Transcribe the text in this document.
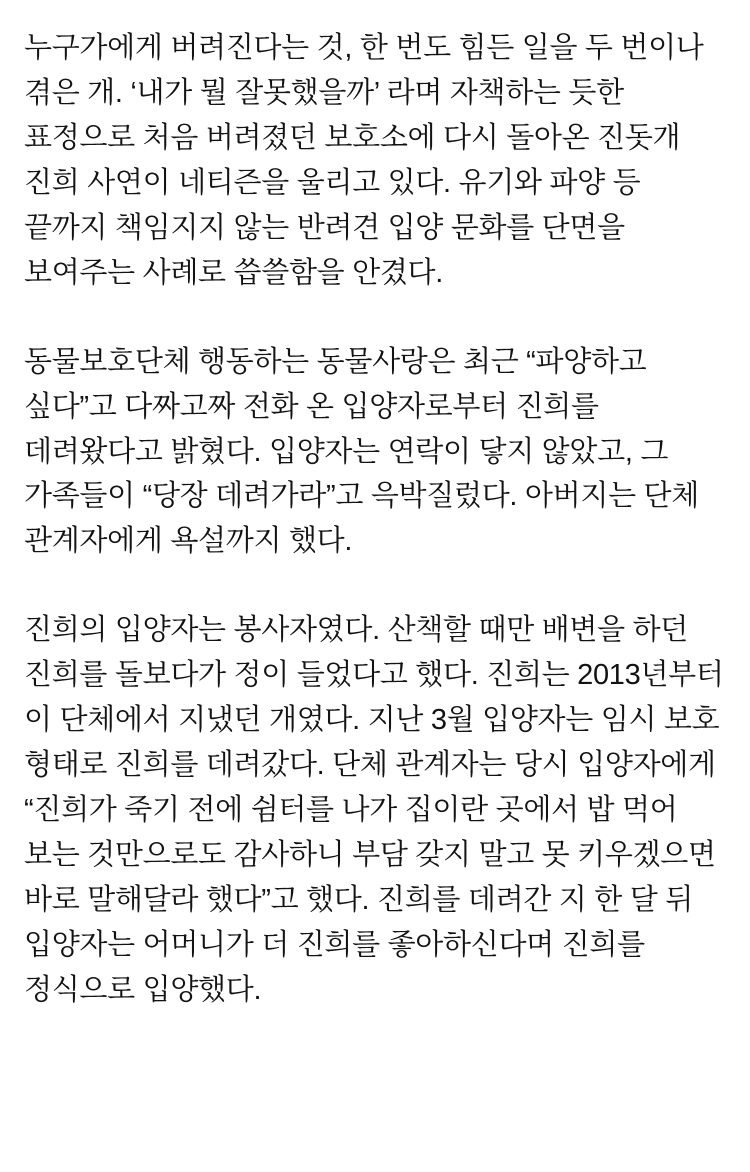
누구가에게 버려진다는 것, 한 번도 힘든 일을 두 번이나 겪은 개. ‘내가 뭘 잘못했을까’ 라며 자책하는 듯한 표정으로 처음 버려졌던 보호소에 다시 돌아온 진돗개 진희 사연이 네티즌을 울리고 있다. 유기와 파양 등 끝까지 책임지지 않는 반려견 입양 문화를 단면을 보여주는 사례로 씁쓸함을 안겼다.

동물보호단체 행동하는 동물사랑은 최근 “파양하고 싶다”고 다짜고짜 전화 온 입양자로부터 진희를 데려왔다고 밝혔다. 입양자는 연락이 닿지 않았고, 그 가족들이 “당장 데려가라”고 윽박질렀다. 아버지는 단체 관계자에게 욕설까지 했다.

진희의 입양자는 봉사자였다. 산책할 때만 배변을 하던 진희를 돌보다가 정이 들었다고 했다. 진희는 2013년부터 이 단체에서 지냈던 개였다. 지난 3월 입양자는 임시 보호 형태로 진희를 데려갔다. 단체 관계자는 당시 입양자에게 “진희가 죽기 전에 쉼터를 나가 집이란 곳에서 밥 먹어 보는 것만으로도 감사하니 부담 갖지 말고 못 키우겠으면 바로 말해달라 했다”고 했다. 진희를 데려간 지 한 달 뒤 입양자는 어머니가 더 진희를 좋아하신다며 진희를 정식으로 입양했다.
